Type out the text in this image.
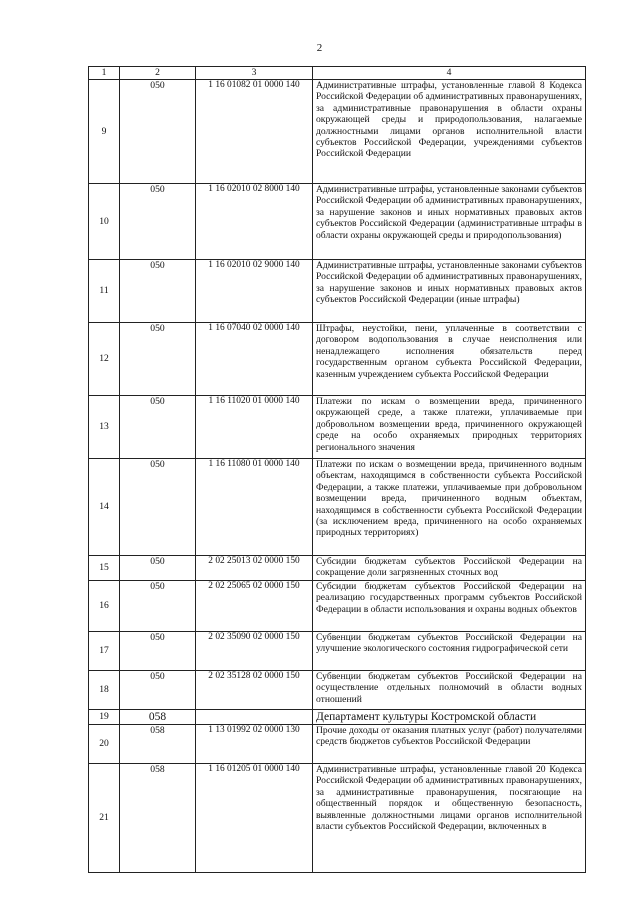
2
1	2	3	4
9	050	1 16 01082 01 0000 140	Административные штрафы, установленные главой 8 Кодекса Российской Федерации об административных правонарушениях, за административные правонарушения в области охраны окружающей среды и природопользования, налагаемые должностными лицами органов исполнительной власти субъектов Российской Федерации, учреждениями субъектов Российской Федерации
10	050	1 16 02010 02 8000 140	Административные штрафы, установленные законами субъектов Российской Федерации об административных правонарушениях, за нарушение законов и иных нормативных правовых актов субъектов Российской Федерации (административные штрафы в области охраны окружающей среды и природопользования)
11	050	1 16 02010 02 9000 140	Административные штрафы, установленные законами субъектов Российской Федерации об административных правонарушениях, за нарушение законов и иных нормативных правовых актов субъектов Российской Федерации (иные штрафы)
12	050	1 16 07040 02 0000 140	Штрафы, неустойки, пени, уплаченные в соответствии с договором водопользования в случае неисполнения или ненадлежащего исполнения обязательств перед государственным органом субъекта Российской Федерации, казенным учреждением субъекта Российской Федерации
13	050	1 16 11020 01 0000 140	Платежи по искам о возмещении вреда, причиненного окружающей среде, а также платежи, уплачиваемые при добровольном возмещении вреда, причиненного окружающей среде на особо охраняемых природных территориях регионального значения
14	050	1 16 11080 01 0000 140	Платежи по искам о возмещении вреда, причиненного водным объектам, находящимся в собственности субъекта Российской Федерации, а также платежи, уплачиваемые при добровольном возмещении вреда, причиненного водным объектам, находящимся в собственности субъекта Российской Федерации (за исключением вреда, причиненного на особо охраняемых природных территориях)
15	050	2 02 25013 02 0000 150	Субсидии бюджетам субъектов Российской Федерации на сокращение доли загрязненных сточных вод
16	050	2 02 25065 02 0000 150	Субсидии бюджетам субъектов Российской Федерации на реализацию государственных программ субъектов Российской Федерации в области использования и охраны водных объектов
17	050	2 02 35090 02 0000 150	Субвенции бюджетам субъектов Российской Федерации на улучшение экологического состояния гидрографической сети
18	050	2 02 35128 02 0000 150	Субвенции бюджетам субъектов Российской Федерации на осуществление отдельных полномочий в области водных отношений
19	058		Департамент культуры Костромской области
20	058	1 13 01992 02 0000 130	Прочие доходы от оказания платных услуг (работ) получателями средств бюджетов субъектов Российской Федерации
21	058	1 16 01205 01 0000 140	Административные штрафы, установленные главой 20 Кодекса Российской Федерации об административных правонарушениях, за административные правонарушения, посягающие на общественный порядок и общественную безопасность, выявленные должностными лицами органов исполнительной власти субъектов Российской Федерации, включенных в
